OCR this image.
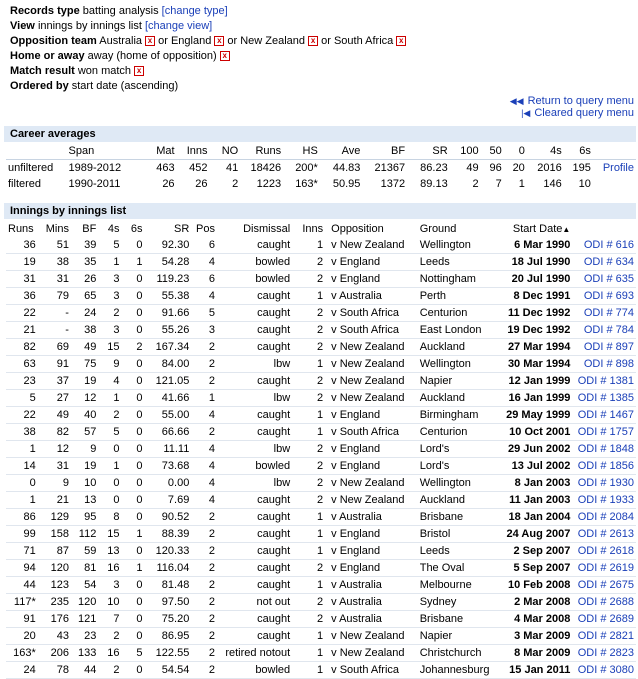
Records type batting analysis [change type]
View innings by innings list [change view]
Opposition team Australia x or England x or New Zealand x or South Africa x
Home or away away (home of opposition) x
Match result won match x
Ordered by start date (ascending)
◀◀ Return to query menu
|◀ Cleared query menu
Career averages
	Span	Mat	Inns	NO	Runs	HS	Ave	BF	SR	100	50	0	4s	6s	
unfiltered	1989-2012	463	452	41	18426	200*	44.83	21367	86.23	49	96	20	2016	195	Profile
filtered	1990-2011	26	26	2	1223	163*	50.95	1372	89.13	2	7	1	146	10	
Innings by innings list
Runs	Mins	BF	4s	6s	SR	Pos	Dismissal	Inns	Opposition	Ground	Start Date▲	
36	51	39	5	0	92.30	6	caught	1	v New Zealand	Wellington	6 Mar 1990	ODI # 616
19	38	35	1	1	54.28	4	bowled	2	v England	Leeds	18 Jul 1990	ODI # 634
31	31	26	3	0	119.23	6	bowled	2	v England	Nottingham	20 Jul 1990	ODI # 635
36	79	65	3	0	55.38	4	caught	1	v Australia	Perth	8 Dec 1991	ODI # 693
22	-	24	2	0	91.66	5	caught	2	v South Africa	Centurion	11 Dec 1992	ODI # 774
21	-	38	3	0	55.26	3	caught	2	v South Africa	East London	19 Dec 1992	ODI # 784
82	69	49	15	2	167.34	2	caught	2	v New Zealand	Auckland	27 Mar 1994	ODI # 897
63	91	75	9	0	84.00	2	lbw	1	v New Zealand	Wellington	30 Mar 1994	ODI # 898
23	37	19	4	0	121.05	2	caught	2	v New Zealand	Napier	12 Jan 1999	ODI # 1381
5	27	12	1	0	41.66	1	lbw	2	v New Zealand	Auckland	16 Jan 1999	ODI # 1385
22	49	40	2	0	55.00	4	caught	1	v England	Birmingham	29 May 1999	ODI # 1467
38	82	57	5	0	66.66	2	caught	1	v South Africa	Centurion	10 Oct 2001	ODI # 1757
1	12	9	0	0	11.11	4	lbw	2	v England	Lord's	29 Jun 2002	ODI # 1848
14	31	19	1	0	73.68	4	bowled	2	v England	Lord's	13 Jul 2002	ODI # 1856
0	9	10	0	0	0.00	4	lbw	2	v New Zealand	Wellington	8 Jan 2003	ODI # 1930
1	21	13	0	0	7.69	4	caught	2	v New Zealand	Auckland	11 Jan 2003	ODI # 1933
86	129	95	8	0	90.52	2	caught	1	v Australia	Brisbane	18 Jan 2004	ODI # 2084
99	158	112	15	1	88.39	2	caught	1	v England	Bristol	24 Aug 2007	ODI # 2613
71	87	59	13	0	120.33	2	caught	1	v England	Leeds	2 Sep 2007	ODI # 2618
94	120	81	16	1	116.04	2	caught	2	v England	The Oval	5 Sep 2007	ODI # 2619
44	123	54	3	0	81.48	2	caught	1	v Australia	Melbourne	10 Feb 2008	ODI # 2675
117*	235	120	10	0	97.50	2	not out	2	v Australia	Sydney	2 Mar 2008	ODI # 2688
91	176	121	7	0	75.20	2	caught	2	v Australia	Brisbane	4 Mar 2008	ODI # 2689
20	43	23	2	0	86.95	2	caught	1	v New Zealand	Napier	3 Mar 2009	ODI # 2821
163*	206	133	16	5	122.55	2	retired notout	1	v New Zealand	Christchurch	8 Mar 2009	ODI # 2823
24	78	44	2	0	54.54	2	bowled	1	v South Africa	Johannesburg	15 Jan 2011	ODI # 3080
